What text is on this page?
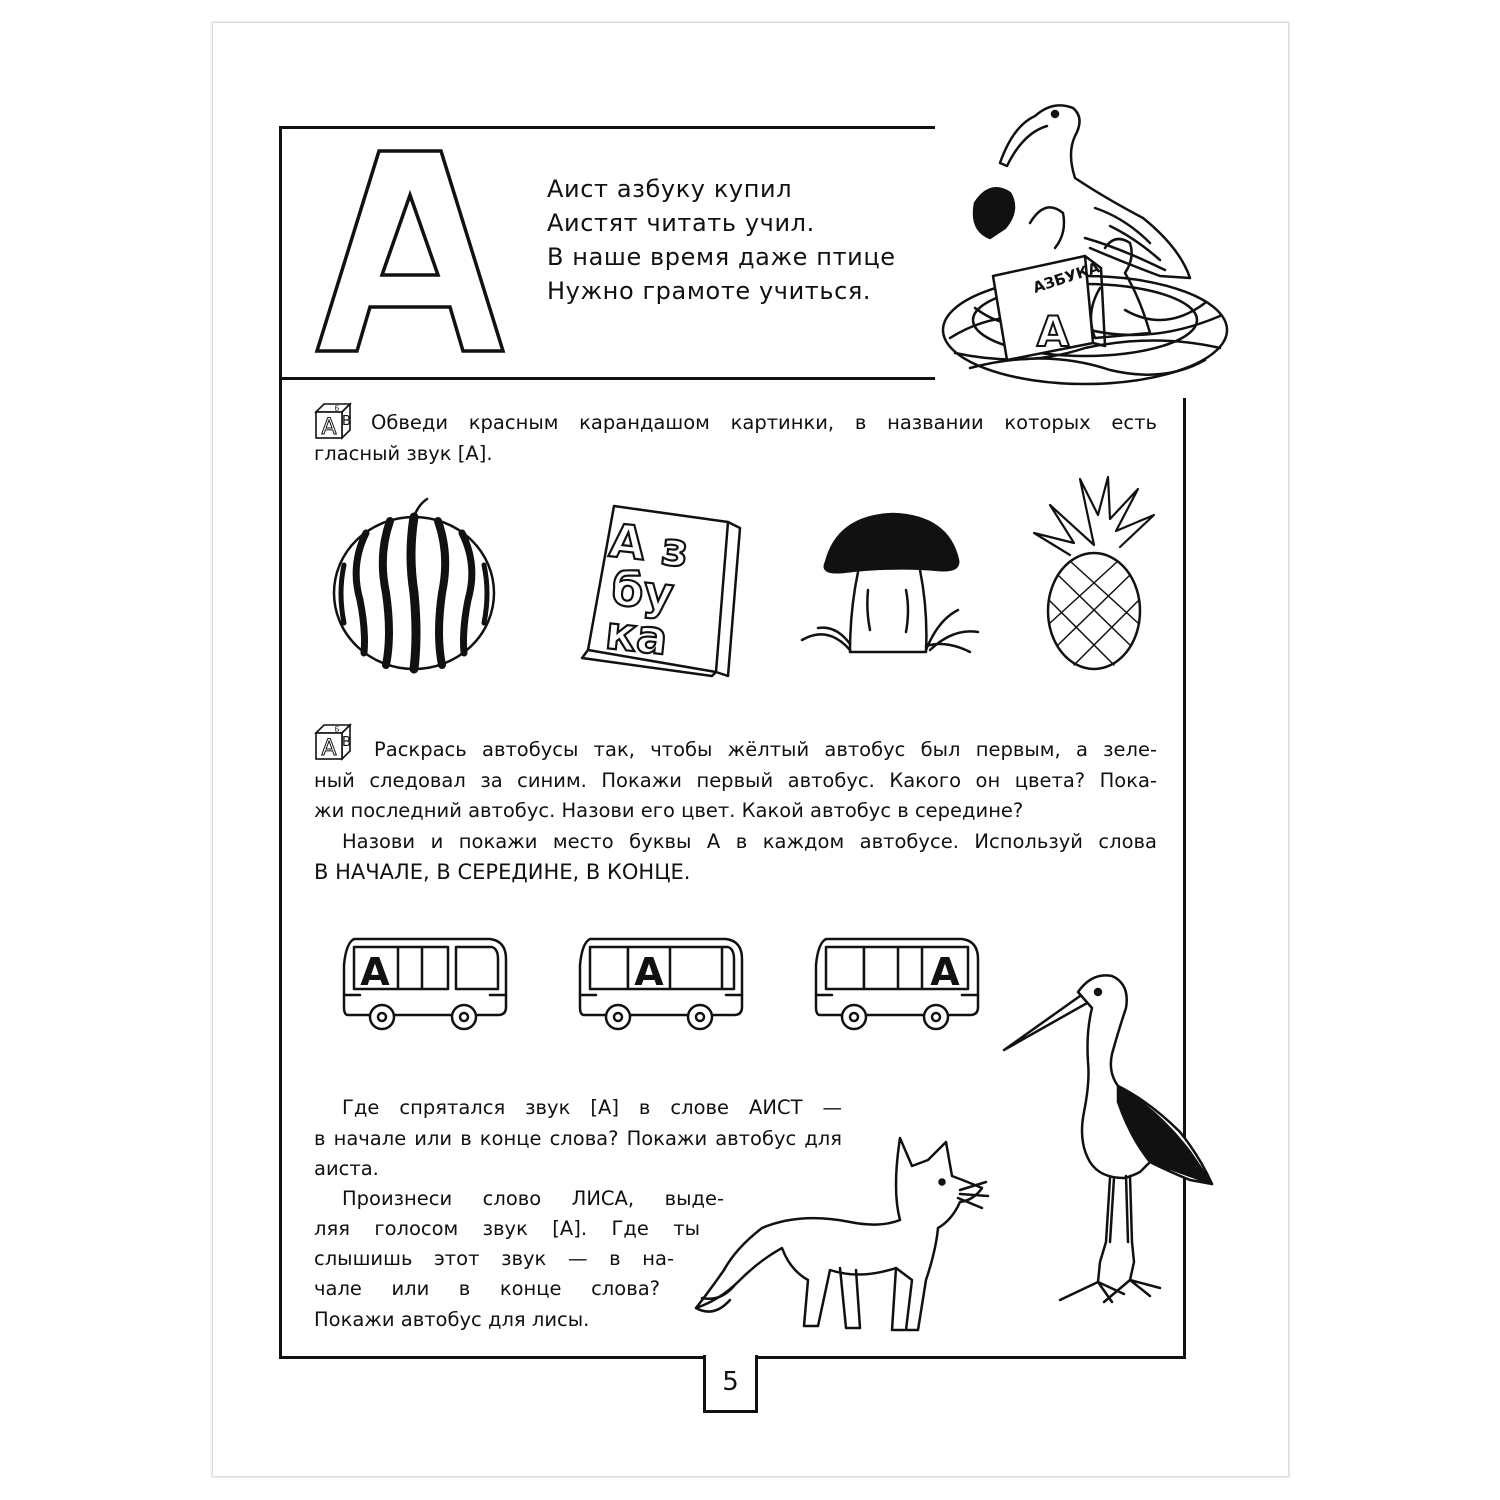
А

Аист азбуку купил

Аистят читать учил.

В наше время даже птице

Нужно грамоте учиться.	АЗБУКА
А
А
Б
В	Обведи красным карандашом картинки, в названии которых есть

гласный звук [А].

А з
бу
ка
А
Б
В	Раскрась автобусы так, чтобы жёлтый автобус был первым, а зеле-

ный следовал за синим. Покажи первый автобус. Какого он цвета? Пока-

жи последний автобус. Назови его цвет. Какой автобус в середине?

Назови и покажи место буквы А в каждом автобусе. Используй слова

В НАЧАЛЕ, В СЕРЕДИНЕ, В КОНЦЕ.

А	А	А

Где спрятался звук [А] в слове АИСТ —

в начале или в конце слова? Покажи автобус для

аиста.

Произнеси слово ЛИСА, выде-

ляя голосом звук [А]. Где ты

слышишь этот звук — в на-

чале или в конце слова?

Покажи автобус для лисы.

5
